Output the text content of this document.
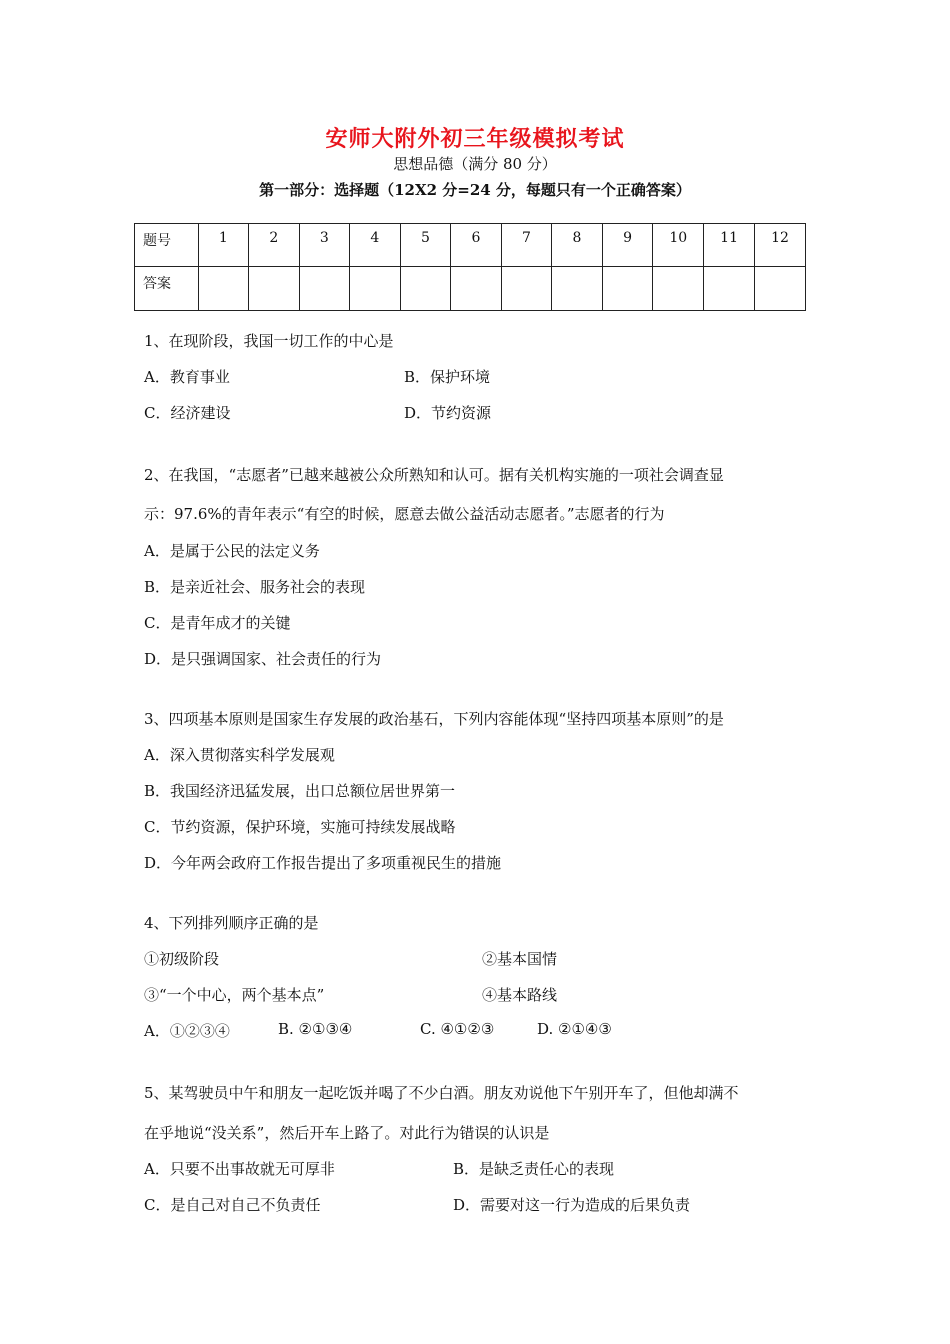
安师大附外初三年级模拟考试
思想品德（满分 80 分）
第一部分：选择题（12X2 分=24 分，每题只有一个正确答案）
题号	1	2	3	4	5	6	7	8	9	10	11	12
答案												
1、在现阶段，我国一切工作的中心是
A．教育事业	B．保护环境
C．经济建设	D．节约资源
2、在我国，“志愿者”已越来越被公众所熟知和认可。据有关机构实施的一项社会调查显
示：97.6%的青年表示“有空的时候，愿意去做公益活动志愿者。”志愿者的行为
A．是属于公民的法定义务
B．是亲近社会、服务社会的表现
C．是青年成才的关键
D．是只强调国家、社会责任的行为
3、四项基本原则是国家生存发展的政治基石，下列内容能体现“坚持四项基本原则”的是
A．深入贯彻落实科学发展观
B．我国经济迅猛发展，出口总额位居世界第一
C．节约资源，保护环境，实施可持续发展战略
D．今年两会政府工作报告提出了多项重视民生的措施
4、下列排列顺序正确的是
①初级阶段	②基本国情
③“一个中心，两个基本点”	④基本路线
A．①②③④	B. ②①③④	C. ④①②③	D. ②①④③
5、某驾驶员中午和朋友一起吃饭并喝了不少白酒。朋友劝说他下午别开车了，但他却满不
在乎地说“没关系”，然后开车上路了。对此行为错误的认识是
A．只要不出事故就无可厚非	B．是缺乏责任心的表现
C．是自己对自己不负责任	D．需要对这一行为造成的后果负责
